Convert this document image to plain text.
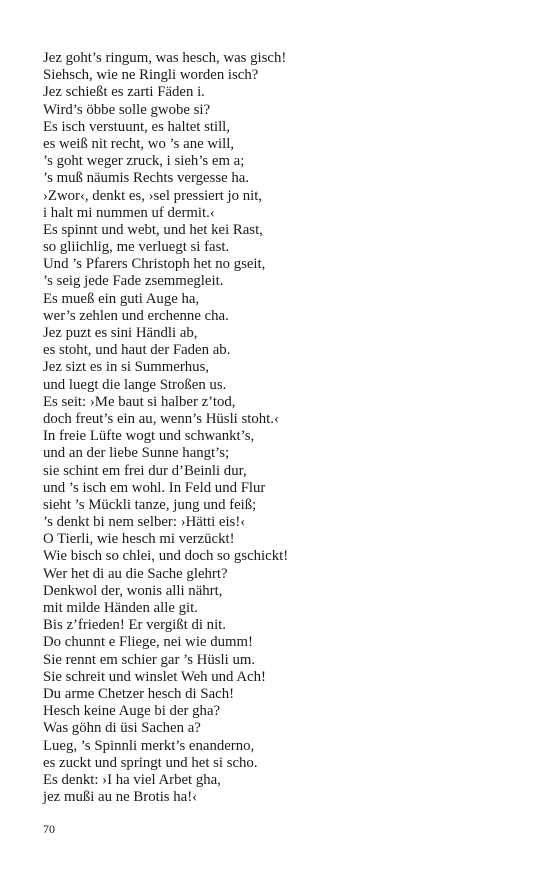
Jez goht’s ringum, was hesch, was gisch!
Siehsch, wie ne Ringli worden isch?
Jez schießt es zarti Fäden i.
Wird’s öbbe solle gwobe si?
Es isch verstuunt, es haltet still,
es weiß nit recht, wo ’s ane will,
’s goht weger zruck, i sieh’s em a;
’s muß näumis Rechts vergesse ha.
›Zwor‹, denkt es, ›sel pressiert jo nit,
i halt mi nummen uf dermit.‹
Es spinnt und webt, und het kei Rast,
so gliichlig, me verluegt si fast.
Und ’s Pfarers Christoph het no gseit,
’s seig jede Fade zsemmegleit.
Es mueß ein guti Auge ha,
wer’s zehlen und erchenne cha.
Jez puzt es sini Händli ab,
es stoht, und haut der Faden ab.
Jez sizt es in si Summerhus,
und luegt die lange Stroßen us.
Es seit: ›Me baut si halber z’tod,
doch freut’s ein au, wenn’s Hüsli stoht.‹
In freie Lüfte wogt und schwankt’s,
und an der liebe Sunne hangt’s;
sie schint em frei dur d’Beinli dur,
und ’s isch em wohl. In Feld und Flur
sieht ’s Mückli tanze, jung und feiß;
’s denkt bi nem selber: ›Hätti eis!‹
O Tierli, wie hesch mi verzückt!
Wie bisch so chlei, und doch so gschickt!
Wer het di au die Sache glehrt?
Denkwol der, wonis alli nährt,
mit milde Händen alle git.
Bis z’frieden! Er vergißt di nit.
Do chunnt e Fliege, nei wie dumm!
Sie rennt em schier gar ’s Hüsli um.
Sie schreit und winslet Weh und Ach!
Du arme Chetzer hesch di Sach!
Hesch keine Auge bi der gha?
Was göhn di üsi Sachen a?
Lueg, ’s Spinnli merkt’s enanderno,
es zuckt und springt und het si scho.
Es denkt: ›I ha viel Arbet gha,
jez mußi au ne Brotis ha!‹
70
